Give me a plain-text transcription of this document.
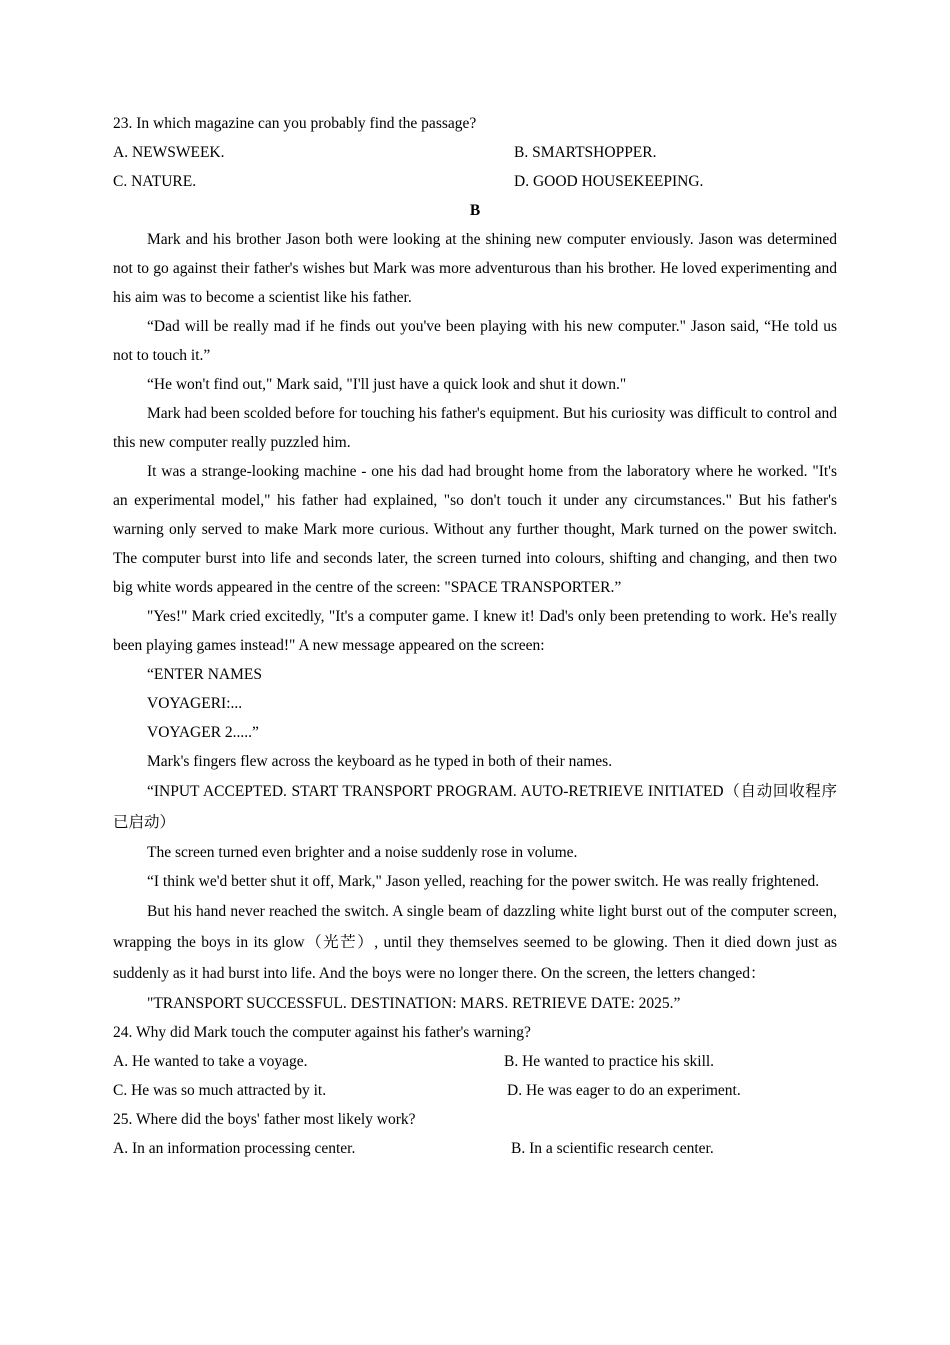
23. In which magazine can you probably find the passage?
A. NEWSWEEK.	B. SMARTSHOPPER.
C. NATURE.	D. GOOD HOUSEKEEPING.
B

Mark and his brother Jason both were looking at the shining new computer enviously. Jason was determined not to go against their father's wishes but Mark was more adventurous than his brother. He loved experimenting and his aim was to become a scientist like his father.

“Dad will be really mad if he finds out you've been playing with his new computer." Jason said, “He told us not to touch it.”

“He won't find out," Mark said, "I'll just have a quick look and shut it down."

Mark had been scolded before for touching his father's equipment. But his curiosity was difficult to control and this new computer really puzzled him.

It was a strange-looking machine - one his dad had brought home from the laboratory where he worked. "It's an experimental model," his father had explained, "so don't touch it under any circumstances." But his father's warning only served to make Mark more curious. Without any further thought, Mark turned on the power switch. The computer burst into life and seconds later, the screen turned into colours, shifting and changing, and then two big white words appeared in the centre of the screen: "SPACE TRANSPORTER.”

"Yes!" Mark cried excitedly, "It's a computer game. I knew it! Dad's only been pretending to work. He's really been playing games instead!" A new message appeared on the screen:

“ENTER NAMES
VOYAGERI:...
VOYAGER 2.....”

Mark's fingers flew across the keyboard as he typed in both of their names.

“INPUT ACCEPTED. START TRANSPORT PROGRAM. AUTO-RETRIEVE INITIATED（自动回收程序已启动）

The screen turned even brighter and a noise suddenly rose in volume.

“I think we'd better shut it off, Mark," Jason yelled, reaching for the power switch. He was really frightened.

But his hand never reached the switch. A single beam of dazzling white light burst out of the computer screen, wrapping the boys in its glow（光芒）, until they themselves seemed to be glowing. Then it died down just as suddenly as it had burst into life. And the boys were no longer there. On the screen, the letters changed：

"TRANSPORT SUCCESSFUL. DESTINATION: MARS. RETRIEVE DATE: 2025.”

24. Why did Mark touch the computer against his father's warning?
A. He wanted to take a voyage.	B. He wanted to practice his skill.
C. He was so much attracted by it.	D. He was eager to do an experiment.
25. Where did the boys' father most likely work?
A. In an information processing center.	B. In a scientific research center.
